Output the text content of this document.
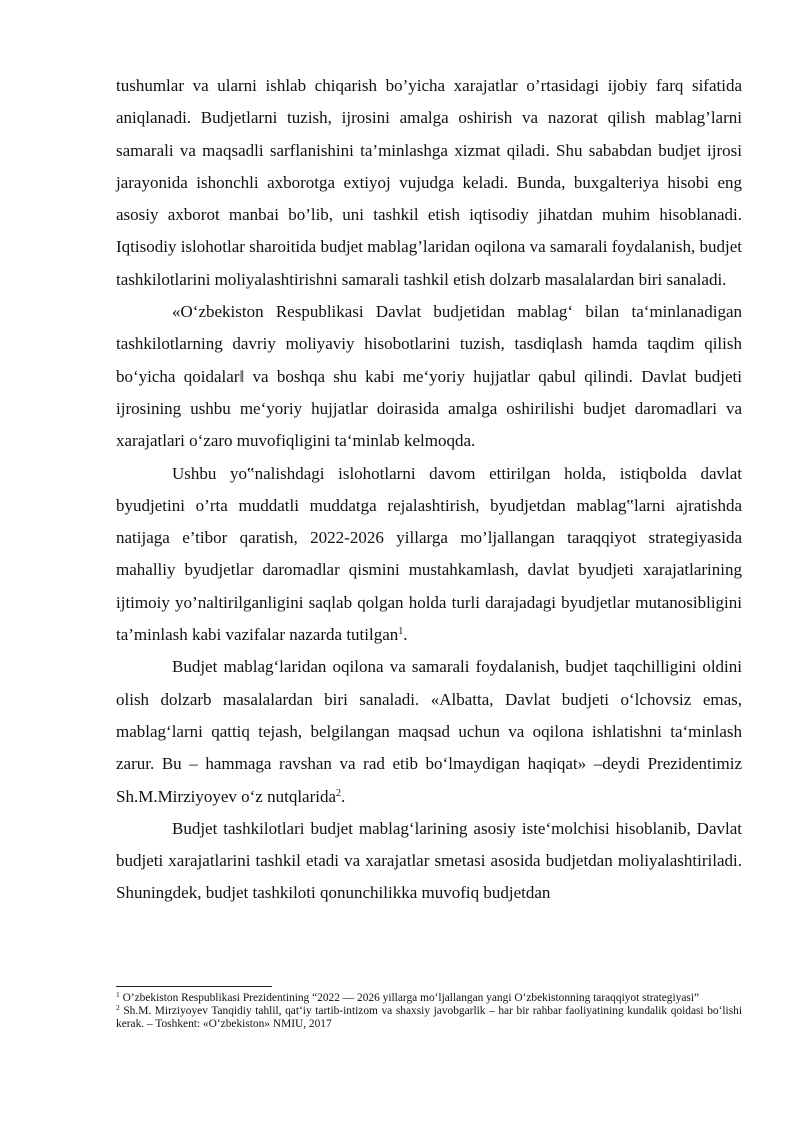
tushumlar va ularni ishlab chiqarish bo’yicha xarajatlar o’rtasidagi ijobiy farq sifatida aniqlanadi. Budjetlarni tuzish, ijrosini amalga oshirish va nazorat qilish mablag’larni samarali va maqsadli sarflanishini ta’minlashga xizmat qiladi. Shu sababdan budjet ijrosi jarayonida ishonchli axborotga extiyoj vujudga keladi. Bunda, buxgalteriya hisobi eng asosiy axborot manbai bo’lib, uni tashkil etish iqtisodiy jihatdan muhim hisoblanadi. Iqtisodiy islohotlar sharoitida budjet mablag’laridan oqilona va samarali foydalanish, budjet tashkilotlarini moliyalashtirishni samarali tashkil etish dolzarb masalalardan biri sanaladi.

«O‘zbekiston Respublikasi Davlat budjetidan mablag‘ bilan ta‘minlanadigan tashkilotlarning davriy moliyaviy hisobotlarini tuzish, tasdiqlash hamda taqdim qilish bo‘yicha qoidalar‖ va boshqa shu kabi me‘yoriy hujjatlar qabul qilindi. Davlat budjeti ijrosining ushbu me‘yoriy hujjatlar doirasida amalga oshirilishi budjet daromadlari va xarajatlari o‘zaro muvofiqligini ta‘minlab kelmoqda.

Ushbu yo‟nalishdagi islohotlarni davom ettirilgan holda, istiqbolda davlat byudjetini o’rta muddatli muddatga rejalashtirish, byudjetdan mablag‟larni ajratishda natijaga e’tibor qaratish, 2022-2026 yillarga mo’ljallangan taraqqiyot strategiyasida mahalliy byudjetlar daromadlar qismini mustahkamlash, davlat byudjeti xarajatlarining ijtimoiy yo’naltirilganligini saqlab qolgan holda turli darajadagi byudjetlar mutanosibligini ta’minlash kabi vazifalar nazarda tutilgan$^1$.

Budjet mablag‘laridan oqilona va samarali foydalanish, budjet taqchilligini oldini olish dolzarb masalalardan biri sanaladi. «Albatta, Davlat budjeti o‘lchovsiz emas, mablag‘larni qattiq tejash, belgilangan maqsad uchun va oqilona ishlatishni ta‘minlash zarur. Bu – hammaga ravshan va rad etib bo‘lmaydigan haqiqat» –deydi Prezidentimiz Sh.M.Mirziyoyev o‘z nutqlarida$^2$.

Budjet tashkilotlari budjet mablag‘larining asosiy iste‘molchisi hisoblanib, Davlat budjeti xarajatlarini tashkil etadi va xarajatlar smetasi asosida budjetdan moliyalashtiriladi. Shuningdek, budjet tashkiloti qonunchilikka muvofiq budjetdan

$^1$ O’zbekiston Respublikasi Prezidentining “2022 — 2026 yillarga mo‘ljallangan yangi O‘zbekistonning taraqqiyot strategiyasi”

$^2$ Sh.M. Mirziyoyev Tanqidiy tahlil, qat‘iy tartib-intizom va shaxsiy javobgarlik – har bir rahbar faoliyatining kundalik qoidasi bo‘lishi kerak. – Toshkent: «O‘zbekiston» NMIU, 2017
